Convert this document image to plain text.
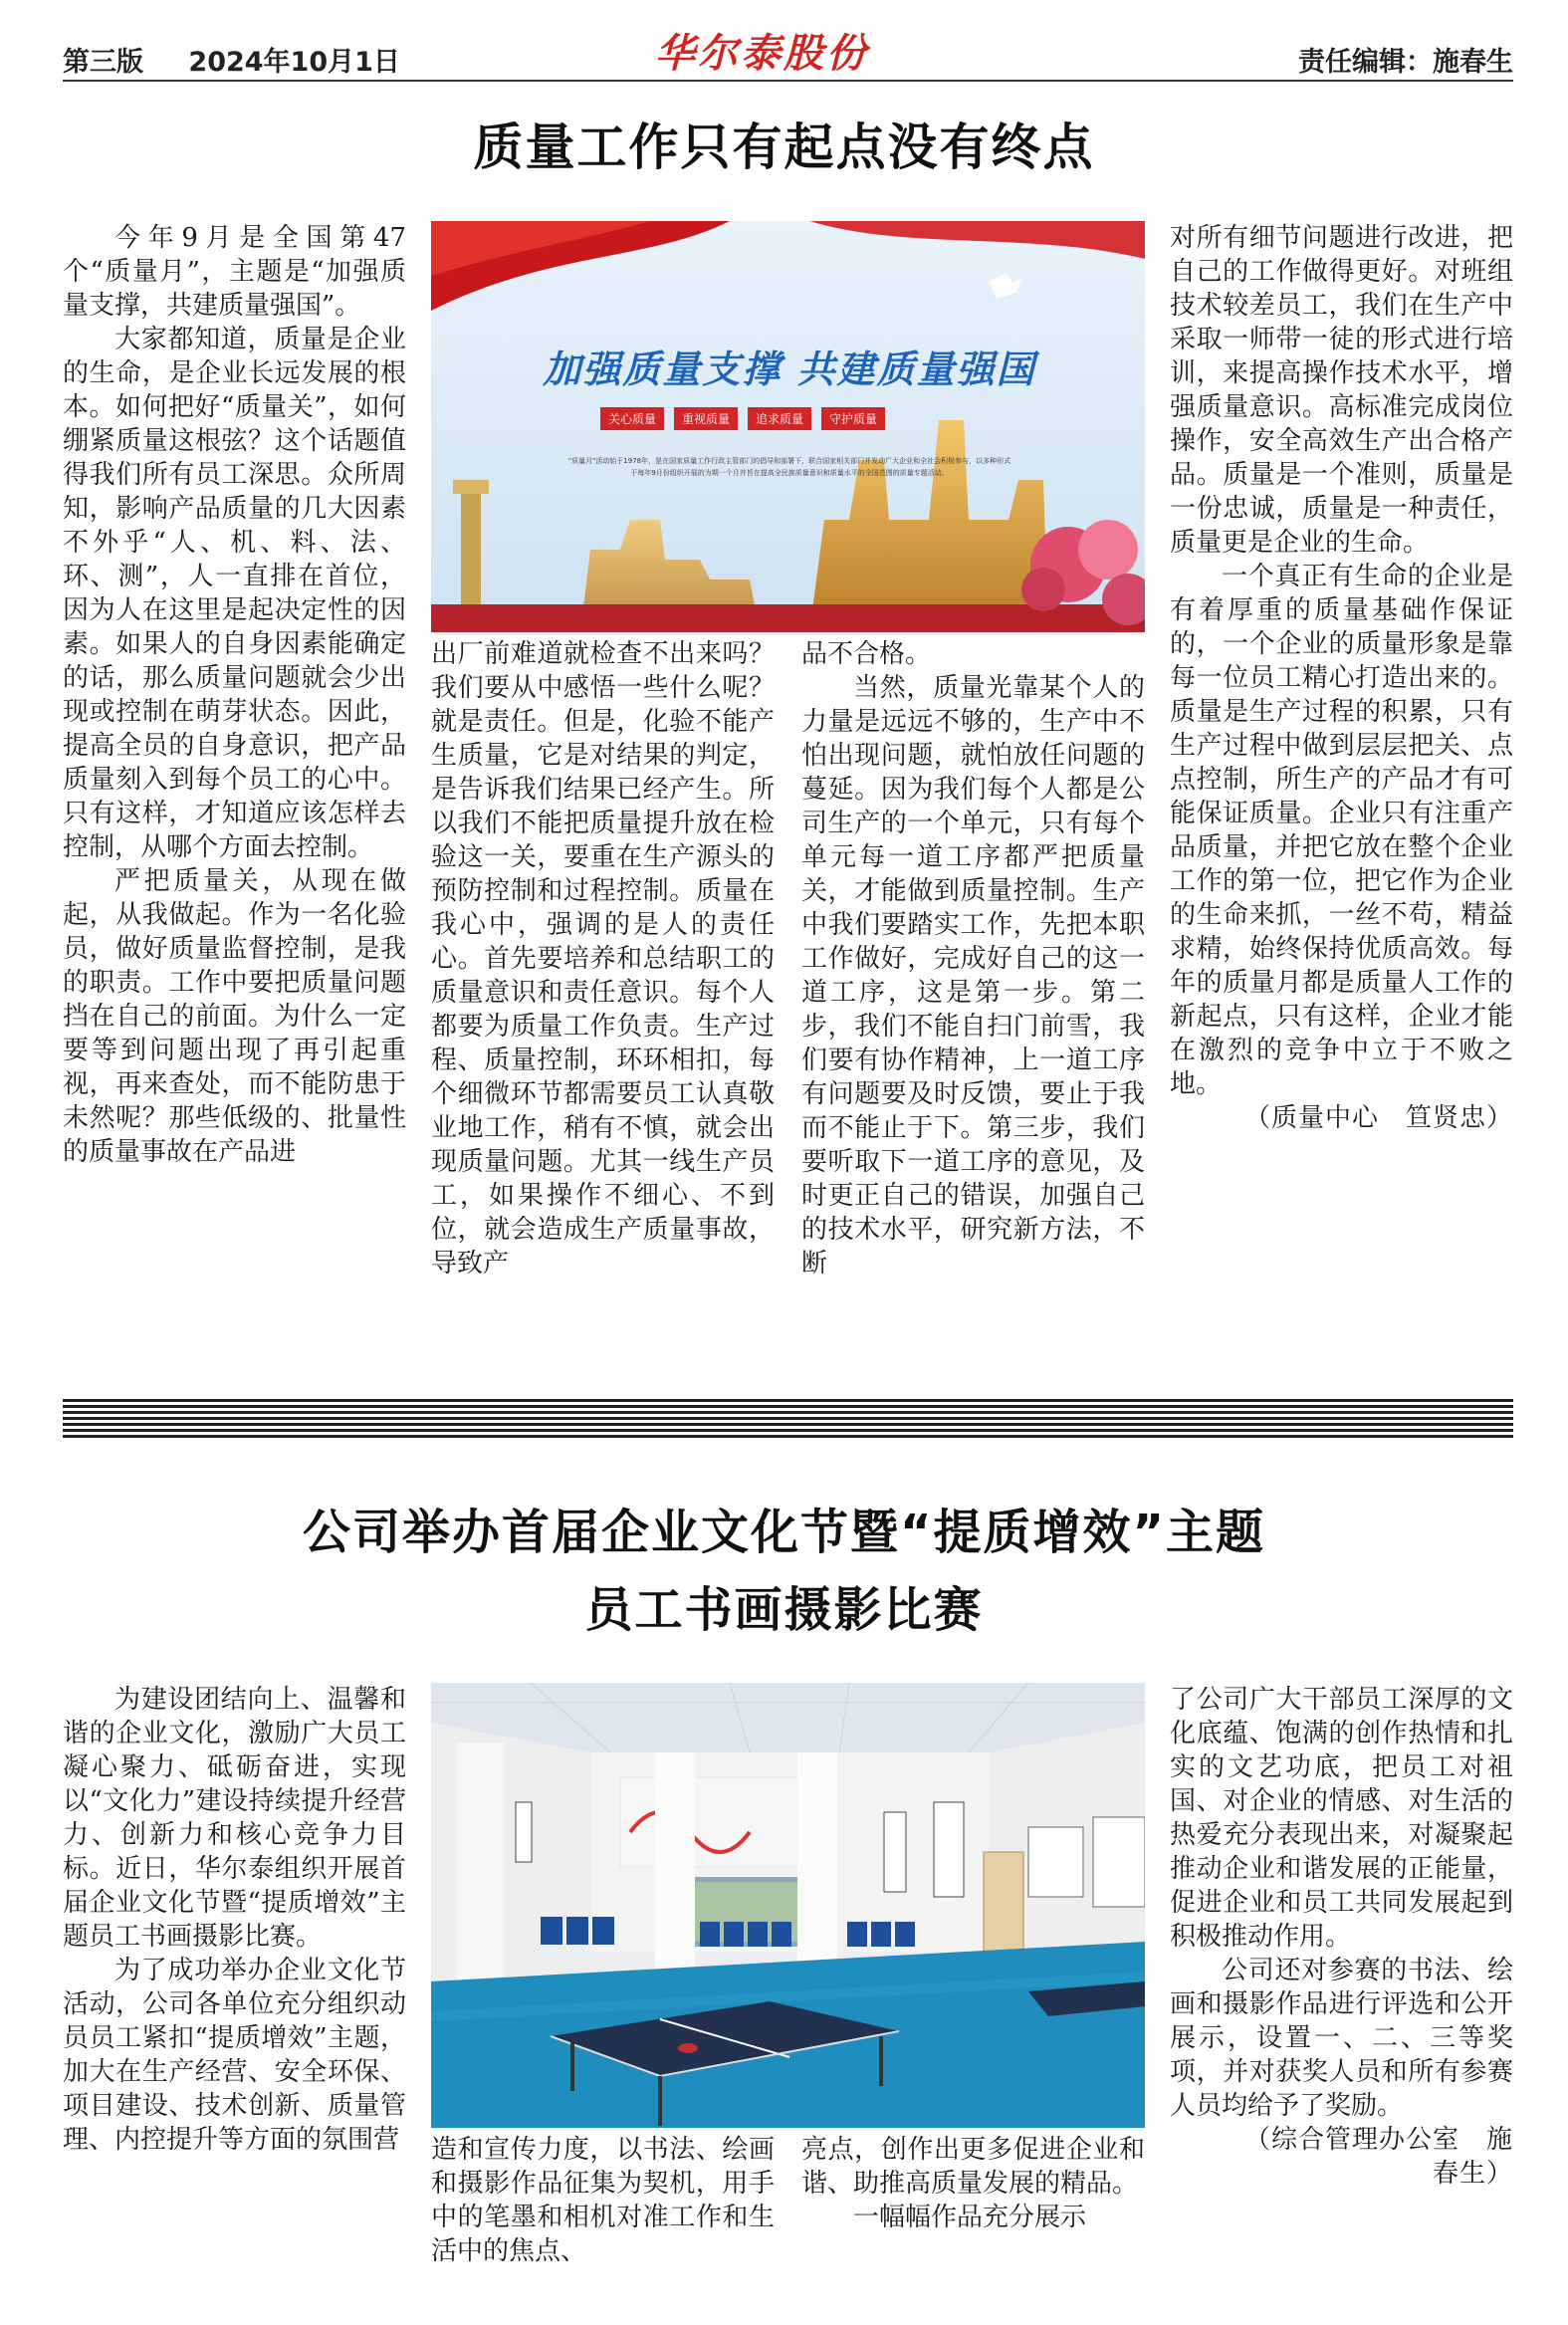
第三版 2024年10月1日	华尔泰股份	责任编辑：施春生
质量工作只有起点没有终点

今年9月是全国第47个“质量月”，主题是“加强质量支撑，共建质量强国”。

大家都知道，质量是企业的生命，是企业长远发展的根本。如何把好“质量关”，如何绷紧质量这根弦？这个话题值得我们所有员工深思。众所周知，影响产品质量的几大因素不外乎“人、机、料、法、环、测”，人一直排在首位，因为人在这里是起决定性的因素。如果人的自身因素能确定的话，那么质量问题就会少出现或控制在萌芽状态。因此，提高全员的自身意识，把产品质量刻入到每个员工的心中。只有这样，才知道应该怎样去控制，从哪个方面去控制。

严把质量关，从现在做起，从我做起。作为一名化验员，做好质量监督控制，是我的职责。工作中要把质量问题挡在自己的前面。为什么一定要等到问题出现了再引起重视，再来查处，而不能防患于未然呢？那些低级的、批量性的质量事故在产品进

加强质量支撑 共建质量强国
关心质量	重视质量	追求质量	守护质量
"质量月"活动始于1978年，是在国家质量工作行政主管部门的倡导和部署下，联合国家相关部门并发动广大企业和全社会积极参与，以多种形式
于每年9月份组织开展的为期一个月并旨在提高全民族质量意识和质量水平的全国范围的质量专题活动。

出厂前难道就检查不出来吗？我们要从中感悟一些什么呢？就是责任。但是，化验不能产生质量，它是对结果的判定，是告诉我们结果已经产生。所以我们不能把质量提升放在检验这一关，要重在生产源头的预防控制和过程控制。质量在我心中，强调的是人的责任心。首先要培养和总结职工的质量意识和责任意识。每个人都要为质量工作负责。生产过程、质量控制，环环相扣，每个细微环节都需要员工认真敬业地工作，稍有不慎，就会出现质量问题。尤其一线生产员工，如果操作不细心、不到位，就会造成生产质量事故，导致产

品不合格。

当然，质量光靠某个人的力量是远远不够的，生产中不怕出现问题，就怕放任问题的蔓延。因为我们每个人都是公司生产的一个单元，只有每个单元每一道工序都严把质量关，才能做到质量控制。生产中我们要踏实工作，先把本职工作做好，完成好自己的这一道工序，这是第一步。第二步，我们不能自扫门前雪，我们要有协作精神，上一道工序有问题要及时反馈，要止于我而不能止于下。第三步，我们要听取下一道工序的意见，及时更正自己的错误，加强自己的技术水平，研究新方法，不断

对所有细节问题进行改进，把自己的工作做得更好。对班组技术较差员工，我们在生产中采取一师带一徒的形式进行培训，来提高操作技术水平，增强质量意识。高标准完成岗位操作，安全高效生产出合格产品。质量是一个准则，质量是一份忠诚，质量是一种责任，质量更是企业的生命。

一个真正有生命的企业是有着厚重的质量基础作保证的，一个企业的质量形象是靠每一位员工精心打造出来的。质量是生产过程的积累，只有生产过程中做到层层把关、点点控制，所生产的产品才有可能保证质量。企业只有注重产品质量，并把它放在整个企业工作的第一位，把它作为企业的生命来抓，一丝不苟，精益求精，始终保持优质高效。每年的质量月都是质量人工作的新起点，只有这样，企业才能在激烈的竞争中立于不败之地。

（质量中心　笪贤忠）

公司举办首届企业文化节暨“提质增效”主题
员工书画摄影比赛

为建设团结向上、温馨和谐的企业文化，激励广大员工凝心聚力、砥砺奋进，实现以“文化力”建设持续提升经营力、创新力和核心竞争力目标。近日，华尔泰组织开展首届企业文化节暨“提质增效”主题员工书画摄影比赛。

为了成功举办企业文化节活动，公司各单位充分组织动员员工紧扣“提质增效”主题，加大在生产经营、安全环保、项目建设、技术创新、质量管理、内控提升等方面的氛围营 造和宣传力度，以书法、绘画和摄影作品征集为契机，用手中的笔墨和相机对准工作和生活中的焦点、

亮点，创作出更多促进企业和谐、助推高质量发展的精品。

一幅幅作品充分展示

了公司广大干部员工深厚的文化底蕴、饱满的创作热情和扎实的文艺功底，把员工对祖国、对企业的情感、对生活的热爱充分表现出来，对凝聚起推动企业和谐发展的正能量，促进企业和员工共同发展起到积极推动作用。

公司还对参赛的书法、绘画和摄影作品进行评选和公开展示，设置一、二、三等奖项，并对获奖人员和所有参赛人员均给予了奖励。

（综合管理办公室　施春生）
